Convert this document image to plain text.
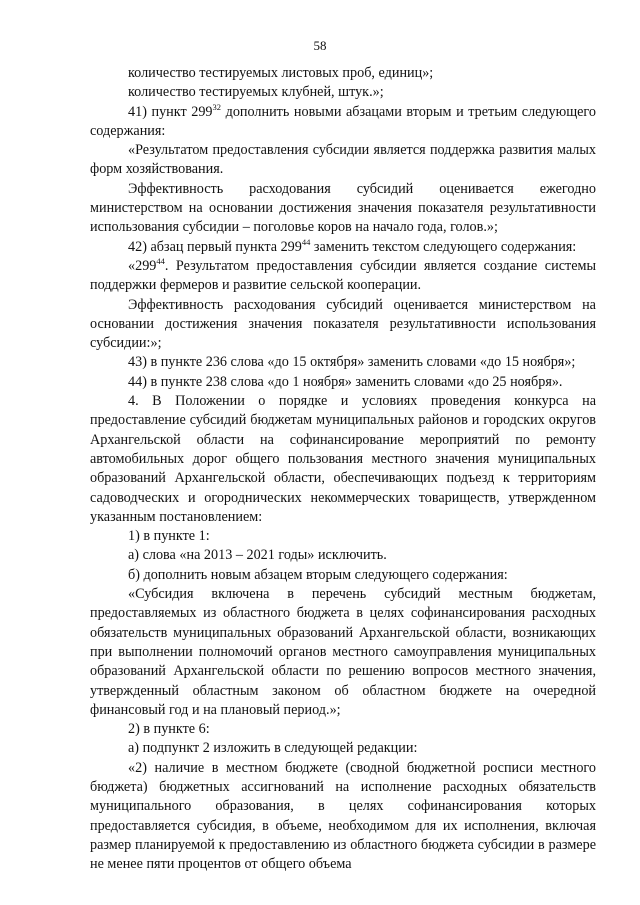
58

количество тестируемых листовых проб, единиц»;

количество тестируемых клубней, штук.»;

41) пункт $299^{32}$ дополнить новыми абзацами вторым и третьим следующего содержания:

«Результатом предоставления субсидии является поддержка развития малых форм хозяйствования.

Эффективность расходования субсидий оценивается ежегодно министерством на основании достижения значения показателя результативности использования субсидии – поголовье коров на начало года, голов.»;

42) абзац первый пункта $299^{44}$ заменить текстом следующего содержания:

«$299^{44}$. Результатом предоставления субсидии является создание системы поддержки фермеров и развитие сельской кооперации.

Эффективность расходования субсидий оценивается министерством на основании достижения значения показателя результативности использования субсидии:»;

43) в пункте 236 слова «до 15 октября» заменить словами «до 15 ноября»;

44) в пункте 238 слова «до 1 ноября» заменить словами «до 25 ноября».

4. В Положении о порядке и условиях проведения конкурса на предоставление субсидий бюджетам муниципальных районов и городских округов Архангельской области на софинансирование мероприятий по ремонту автомобильных дорог общего пользования местного значения муниципальных образований Архангельской области, обеспечивающих подъезд к территориям садоводческих и огороднических некоммерческих товариществ, утвержденном указанным постановлением:

1) в пункте 1:

а) слова «на 2013 – 2021 годы» исключить.

б) дополнить новым абзацем вторым следующего содержания:

«Субсидия включена в перечень субсидий местным бюджетам, предоставляемых из областного бюджета в целях софинансирования расходных обязательств муниципальных образований Архангельской области, возникающих при выполнении полномочий органов местного самоуправления муниципальных образований Архангельской области по решению вопросов местного значения, утвержденный областным законом об областном бюджете на очередной финансовый год и на плановый период.»;

2) в пункте 6:

а) подпункт 2 изложить в следующей редакции:

«2) наличие в местном бюджете (сводной бюджетной росписи местного бюджета) бюджетных ассигнований на исполнение расходных обязательств муниципального образования, в целях софинансирования которых предоставляется субсидия, в объеме, необходимом для их исполнения, включая размер планируемой к предоставлению из областного бюджета субсидии в размере не менее пяти процентов от общего объема
